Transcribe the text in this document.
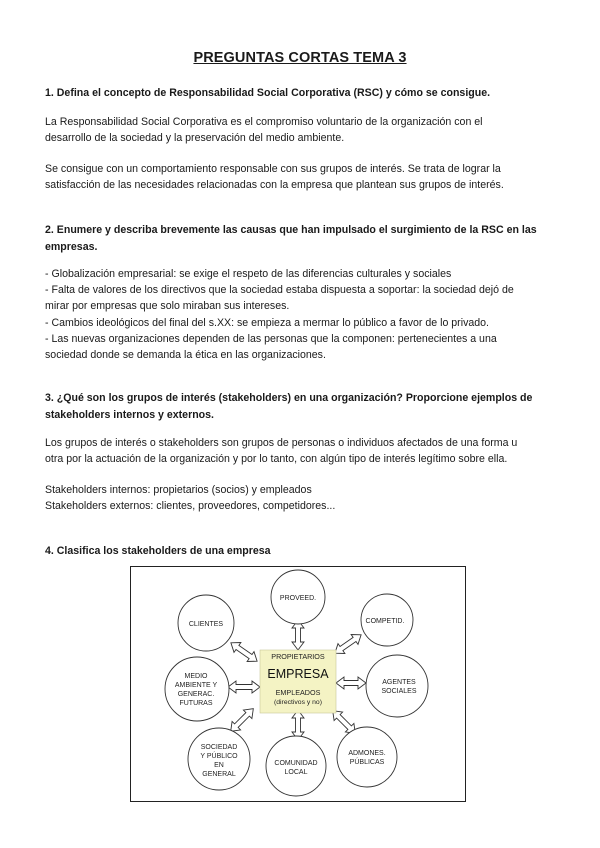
PREGUNTAS CORTAS TEMA 3
1. Defina el concepto de Responsabilidad Social Corporativa (RSC) y cómo se consigue.

La Responsabilidad Social Corporativa es el compromiso voluntario de la organización con el
desarrollo de la sociedad y la preservación del medio ambiente.

Se consigue con un comportamiento responsable con sus grupos de interés. Se trata de lograr la
satisfacción de las necesidades relacionadas con la empresa que plantean sus grupos de interés.

2. Enumere y describa brevemente las causas que han impulsado el surgimiento de la RSC en las
empresas.

- Globalización empresarial: se exige el respeto de las diferencias culturales y sociales
- Falta de valores de los directivos que la sociedad estaba dispuesta a soportar: la sociedad dejó de
mirar por empresas que solo miraban sus intereses.
- Cambios ideológicos del final del s.XX: se empieza a mermar lo público a favor de lo privado.
- Las nuevas organizaciones dependen de las personas que la componen: pertenecientes a una
sociedad donde se demanda la ética en las organizaciones.

3. ¿Qué son los grupos de interés (stakeholders) en una organización? Proporcione ejemplos de
stakeholders internos y externos.

Los grupos de interés o stakeholders son grupos de personas o individuos afectados de una forma u
otra por la actuación de la organización y por lo tanto, con algún tipo de interés legítimo sobre ella.

Stakeholders internos: propietarios (socios) y empleados
Stakeholders externos: clientes, proveedores, competidores...

4. Clasifica los stakeholders de una empresa
PROPIETARIOS
EMPRESA
EMPLEADOS
(directivos y no)
PROVEED.
COMPETID.
AGENTES
SOCIALES
ADMONES.
PÚBLICAS
COMUNIDAD
LOCAL
SOCIEDAD
Y PÚBLICO
EN
GENERAL
MEDIO
AMBIENTE Y
GENERAC.
FUTURAS
CLIENTES
